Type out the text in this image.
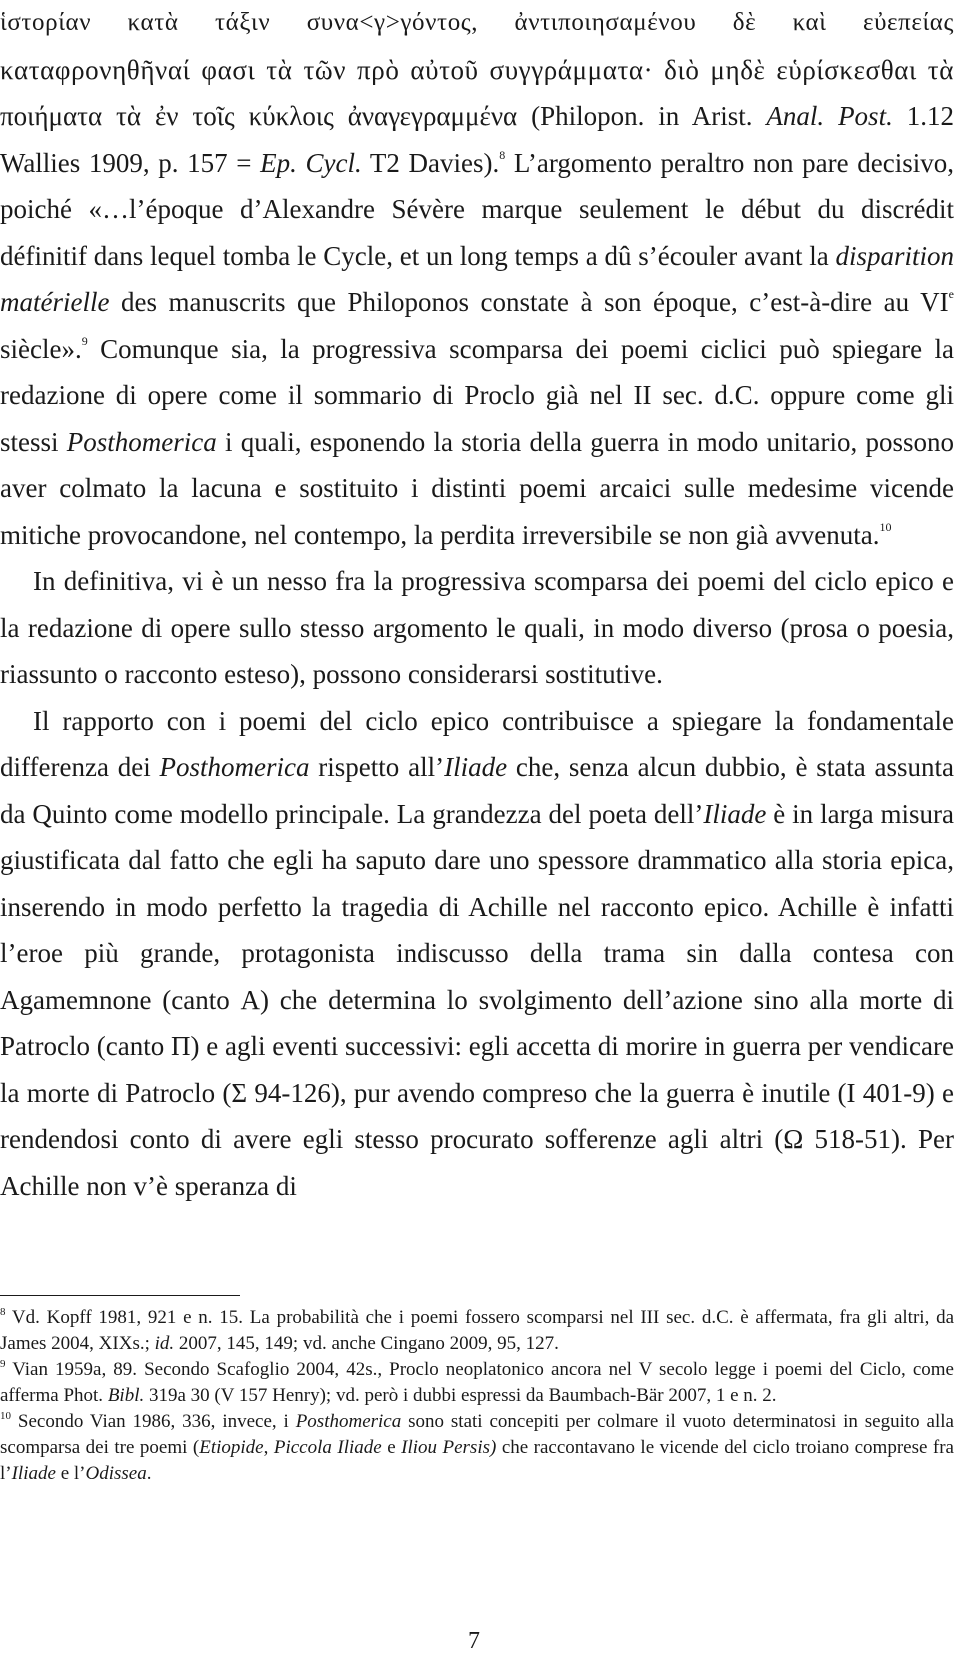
ἱστορίαν κατὰ τάξιν συνα<γ>γόντος, ἀντιποιησαμένου δὲ καὶ εὐεπείας
καταφρονηθῆναί φασι τὰ τῶν πρὸ αὐτοῦ συγγράμματα· διὸ μηδὲ εὑρίσκεσθαι τὰ
ποιήματα τὰ ἐν τοῖς κύκλοις ἀναγεγραμμένα (Philopon. in Arist. Anal. Post. 1.12
Wallies 1909, p. 157 = Ep. Cycl. T2 Davies).$^8$ L’argomento peraltro non pare decisivo, poiché «…l’époque d’Alexandre Sévère marque seulement le début du discrédit définitif dans lequel tomba le Cycle, et un long temps a dû s’écouler avant la disparition matérielle des manuscrits que Philoponos constate à son époque, c’est-à-dire au VIe siècle».$^9$ Comunque sia, la progressiva scomparsa dei poemi ciclici può spiegare la redazione di opere come il sommario di Proclo già nel II sec. d.C. oppure come gli stessi Posthomerica i quali, esponendo la storia della guerra in modo unitario, possono aver colmato la lacuna e sostituito i distinti poemi arcaici sulle medesime vicende mitiche provocandone, nel contempo, la perdita irreversibile se non già avvenuta.$^{10}$

In definitiva, vi è un nesso fra la progressiva scomparsa dei poemi del ciclo epico e la redazione di opere sullo stesso argomento le quali, in modo diverso (prosa o poesia, riassunto o racconto esteso), possono considerarsi sostitutive.

Il rapporto con i poemi del ciclo epico contribuisce a spiegare la fondamentale differenza dei Posthomerica rispetto all’Iliade che, senza alcun dubbio, è stata assunta da Quinto come modello principale. La grandezza del poeta dell’Iliade è in larga misura giustificata dal fatto che egli ha saputo dare uno spessore drammatico alla storia epica, inserendo in modo perfetto la tragedia di Achille nel racconto epico. Achille è infatti l’eroe più grande, protagonista indiscusso della trama sin dalla contesa con Agamemnone (canto Α) che determina lo svolgimento dell’azione sino alla morte di Patroclo (canto Π) e agli eventi successivi: egli accetta di morire in guerra per vendicare la morte di Patroclo (Σ 94-126), pur avendo compreso che la guerra è inutile (Ι 401-9) e rendendosi conto di avere egli stesso procurato sofferenze agli altri (Ω 518-51). Per Achille non v’è speranza di

$^8$ Vd. Kopff 1981, 921 e n. 15. La probabilità che i poemi fossero scomparsi nel III sec. d.C. è affermata, fra gli altri, da James 2004, XIXs.; id. 2007, 145, 149; vd. anche Cingano 2009, 95, 127.

$^9$ Vian 1959a, 89. Secondo Scafoglio 2004, 42s., Proclo neoplatonico ancora nel V secolo legge i poemi del Ciclo, come afferma Phot. Bibl. 319a 30 (V 157 Henry); vd. però i dubbi espressi da Baumbach-Bär 2007, 1 e n. 2.

$^{10}$ Secondo Vian 1986, 336, invece, i Posthomerica sono stati concepiti per colmare il vuoto determinatosi in seguito alla scomparsa dei tre poemi (Etiopide, Piccola Iliade e Iliou Persis) che raccontavano le vicende del ciclo troiano comprese fra l’Iliade e l’Odissea.

7
